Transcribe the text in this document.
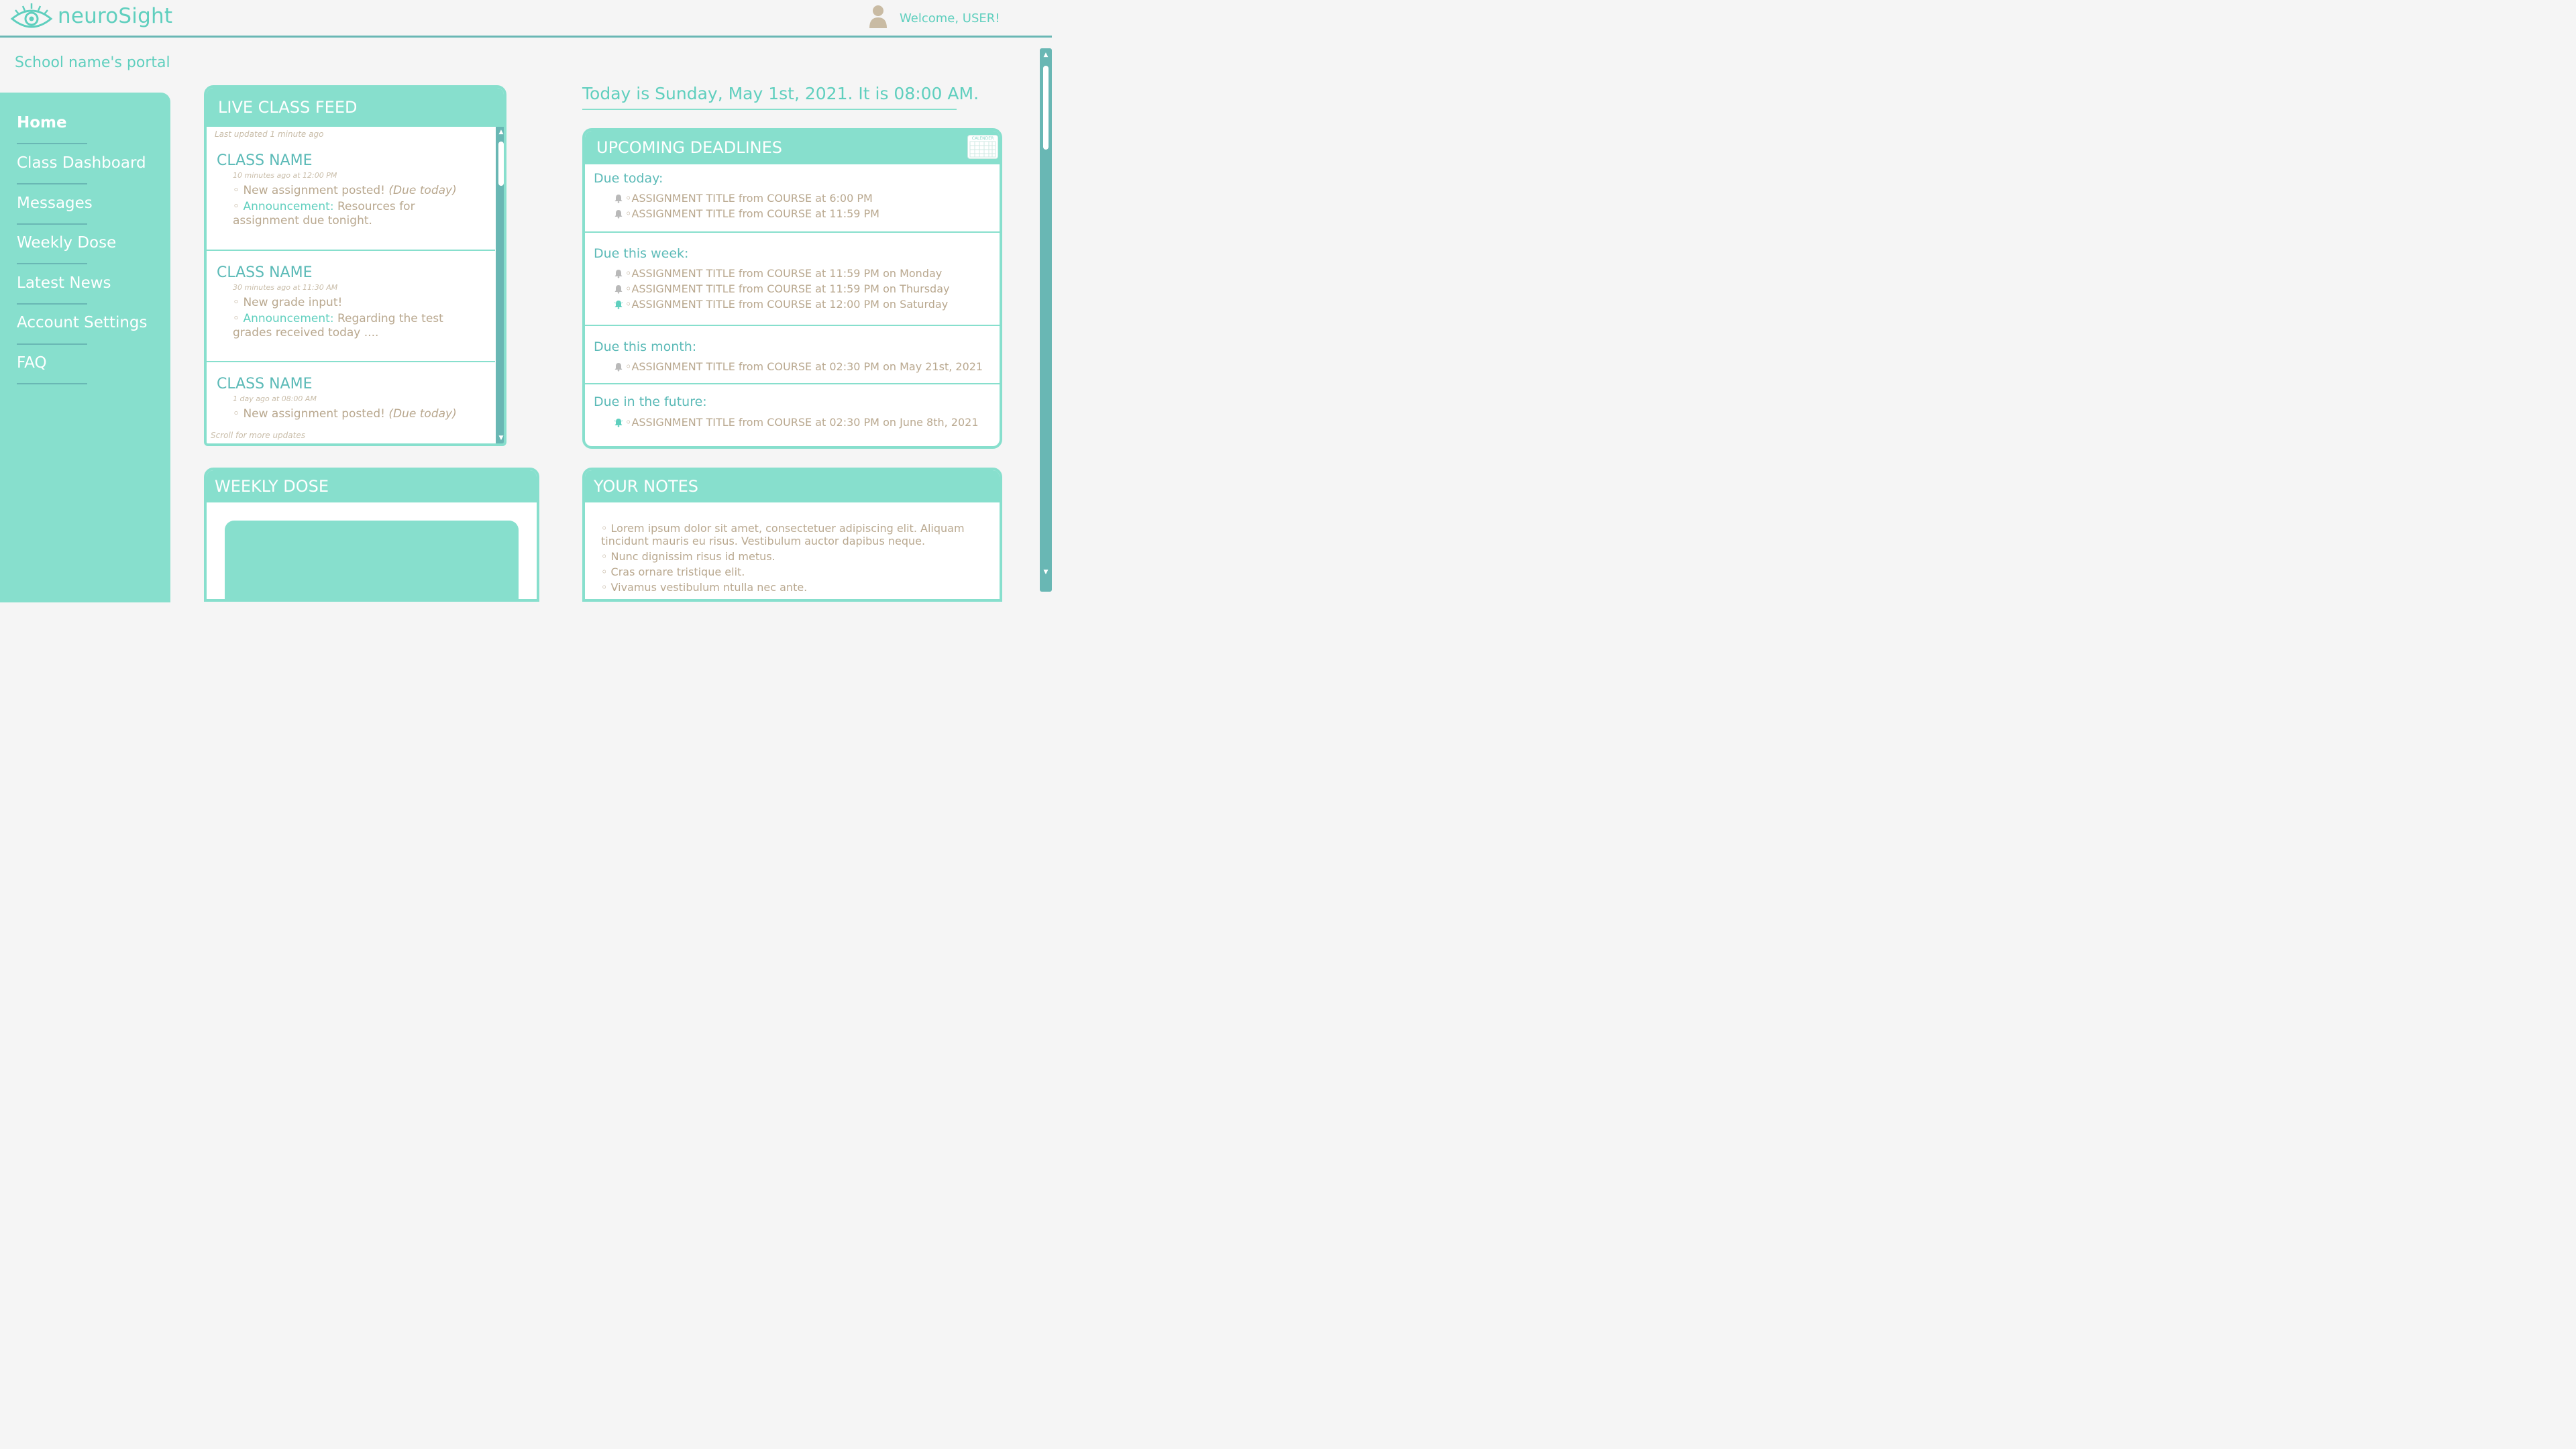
neuroSight	Welcome, USER!
School name's portal
Home
Class Dashboard
Messages
Weekly Dose
Latest News
Account Settings
FAQ
LIVE CLASS FEED
Last updated 1 minute ago
CLASS NAME
10 minutes ago at 12:00 PM
◦ New assignment posted! (Due today)
◦ Announcement: Resources for assignment due tonight.
CLASS NAME
30 minutes ago at 11:30 AM
◦ New grade input!
◦ Announcement: Regarding the test grades received today ....
CLASS NAME
1 day ago at 08:00 AM
◦ New assignment posted! (Due today)
Scroll for more updates
▲
▼
Today is Sunday, May 1st, 2021. It is 08:00 AM.
UPCOMING DEADLINES	CALENDER
Due today:
◦ ASSIGNMENT TITLE from COURSE at 6:00 PM
◦ ASSIGNMENT TITLE from COURSE at 11:59 PM
Due this week:
◦ ASSIGNMENT TITLE from COURSE at 11:59 PM on Monday
◦ ASSIGNMENT TITLE from COURSE at 11:59 PM on Thursday
◦ ASSIGNMENT TITLE from COURSE at 12:00 PM on Saturday
Due this month:
◦ ASSIGNMENT TITLE from COURSE at 02:30 PM on May 21st, 2021
Due in the future:
◦ ASSIGNMENT TITLE from COURSE at 02:30 PM on June 8th, 2021
WEEKLY DOSE	YOUR NOTES
◦ Lorem ipsum dolor sit amet, consectetuer adipiscing elit. Aliquam tincidunt mauris eu risus. Vestibulum auctor dapibus neque.
◦ Nunc dignissim risus id metus.
◦ Cras ornare tristique elit.
◦ Vivamus vestibulum ntulla nec ante.
▲
▼
